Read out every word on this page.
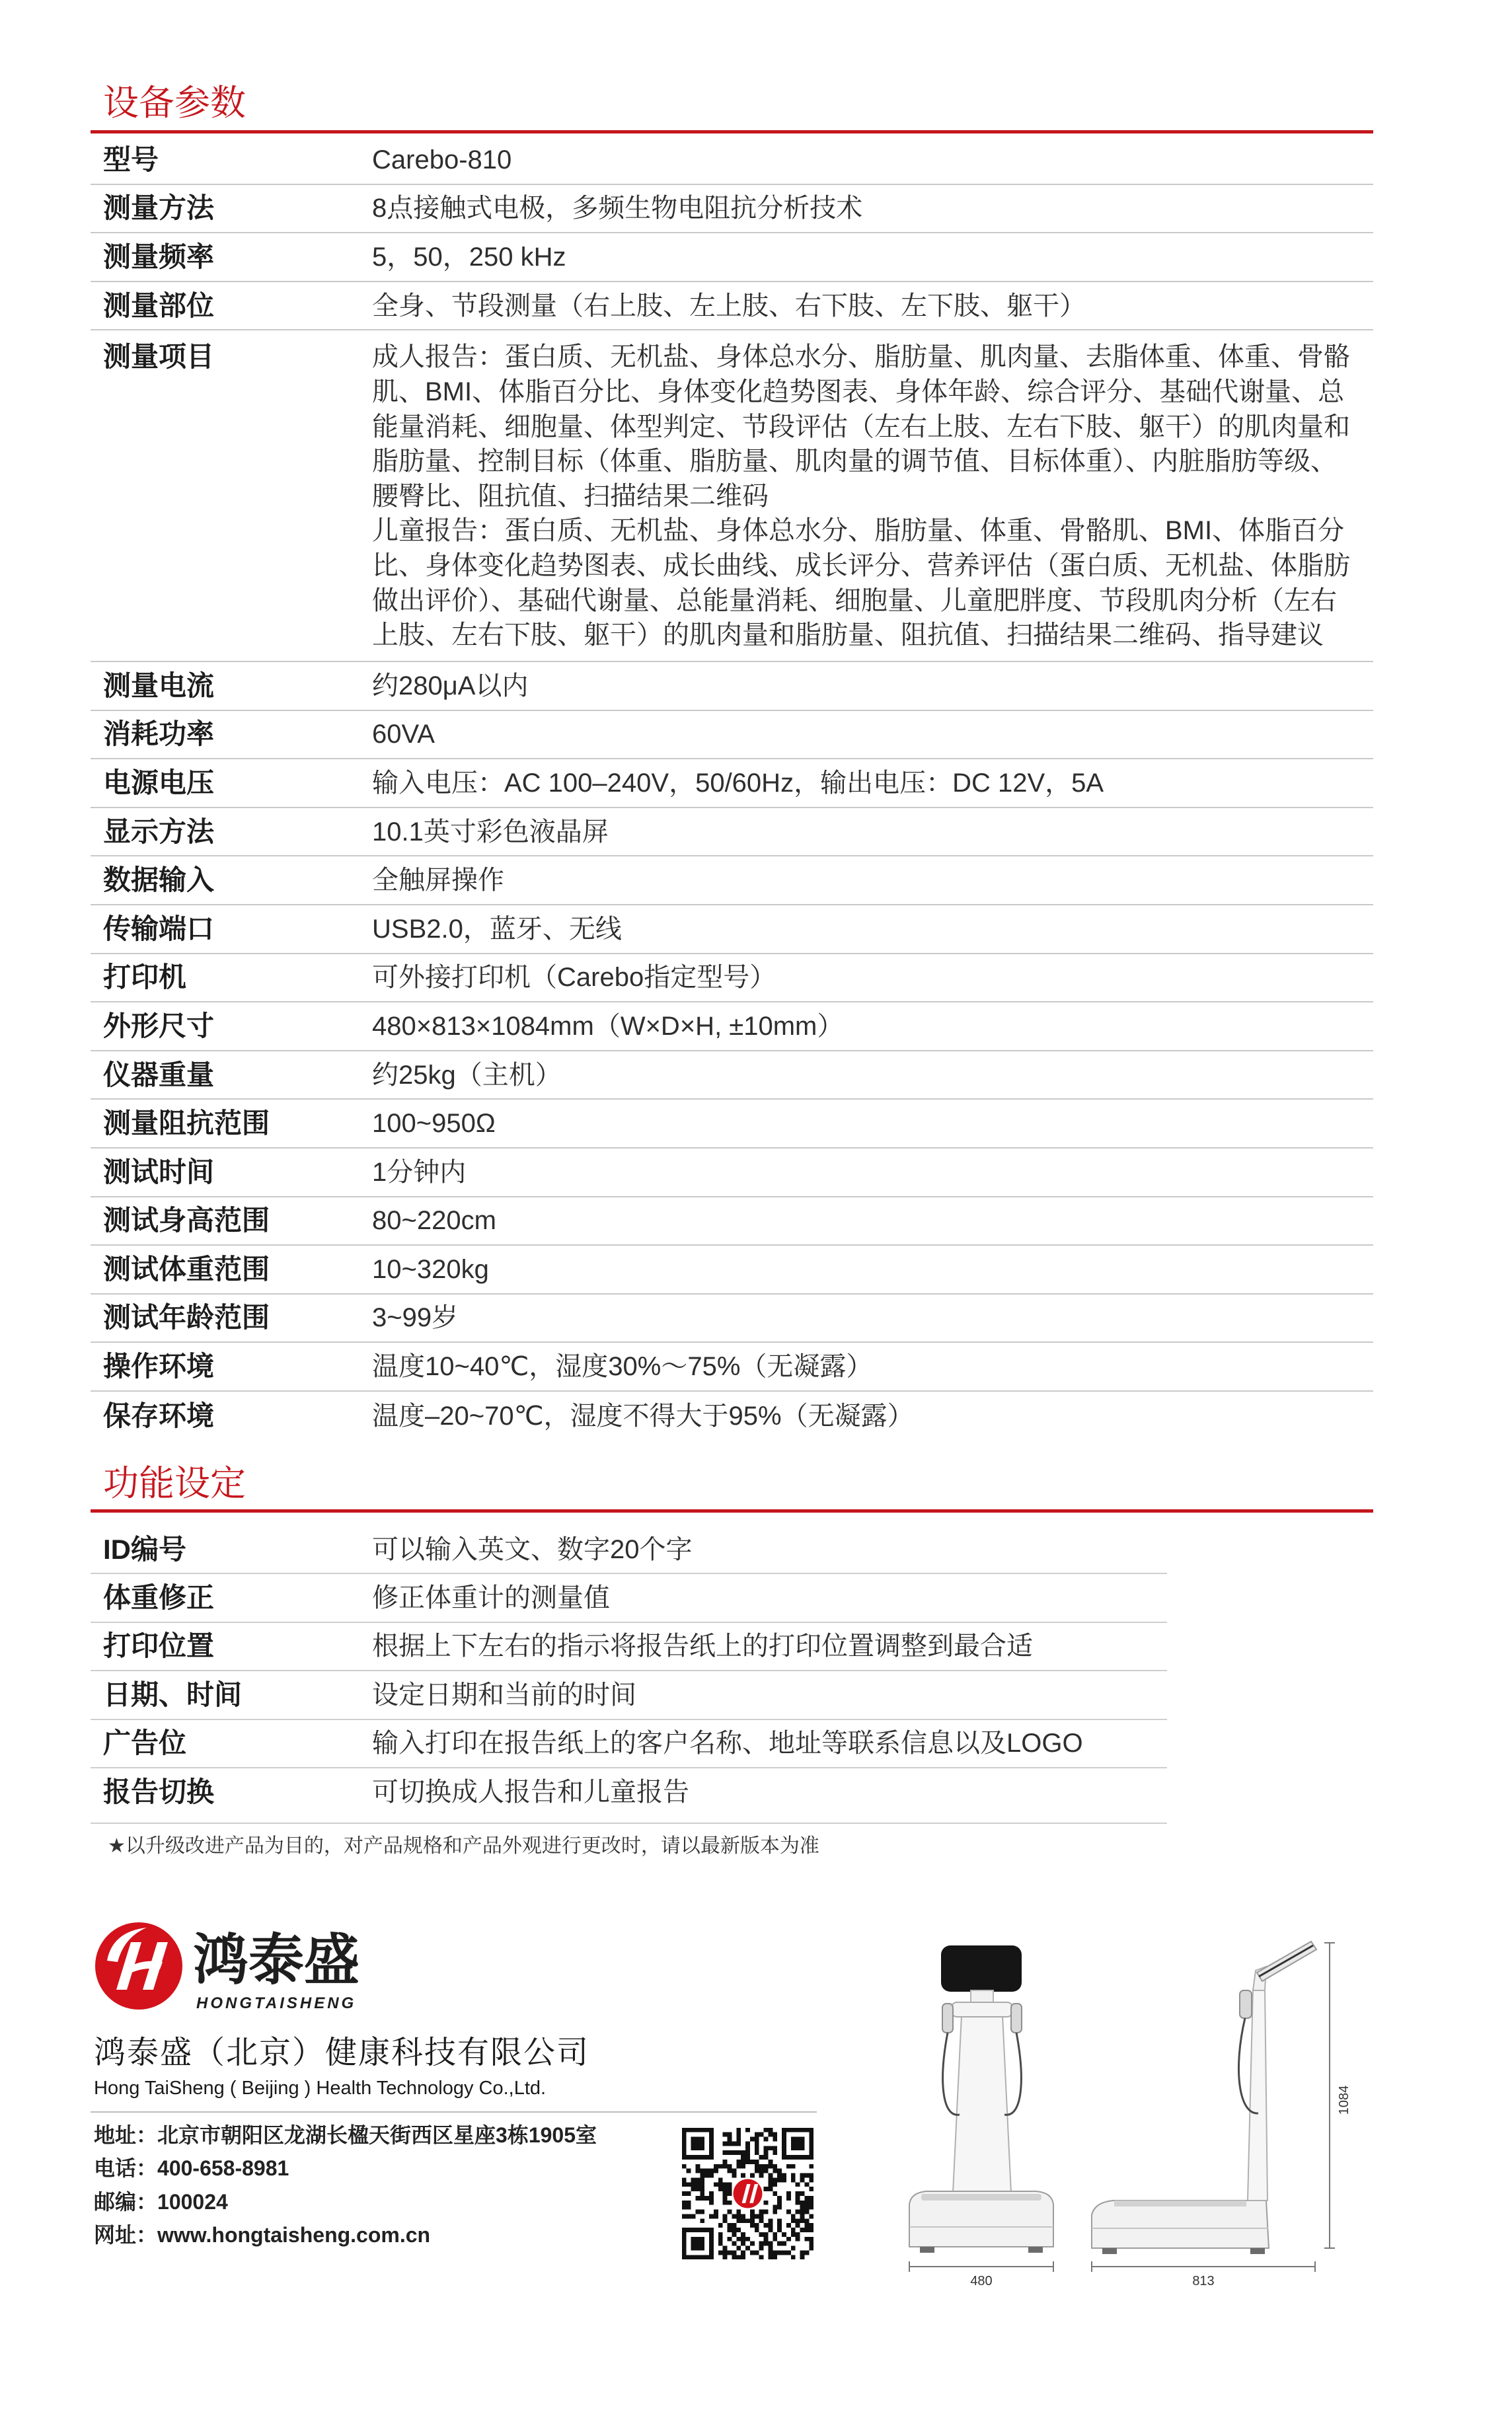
设备参数
型号	Carebo-810
测量方法	8点接触式电极，多频生物电阻抗分析技术
测量频率	5，50，250 kHz
测量部位	全身、节段测量（右上肢、左上肢、右下肢、左下肢、躯干）
测量项目	成人报告：蛋白质、无机盐、身体总水分、脂肪量、肌肉量、去脂体重、体重、骨骼
肌、BMI、体脂百分比、身体变化趋势图表、身体年龄、综合评分、基础代谢量、总
能量消耗、细胞量、体型判定、节段评估（左右上肢、左右下肢、躯干）的肌肉量和
脂肪量、控制目标（体重、脂肪量、肌肉量的调节值、目标体重）、内脏脂肪等级、
腰臀比、阻抗值、扫描结果二维码
儿童报告：蛋白质、无机盐、身体总水分、脂肪量、体重、骨骼肌、BMI、体脂百分
比、身体变化趋势图表、成长曲线、成长评分、营养评估（蛋白质、无机盐、体脂肪
做出评价）、基础代谢量、总能量消耗、细胞量、儿童肥胖度、节段肌肉分析（左右
上肢、左右下肢、躯干）的肌肉量和脂肪量、阻抗值、扫描结果二维码、指导建议
测量电流	约280μA以内
消耗功率	60VA
电源电压	输入电压：AC 100–240V，50/60Hz，输出电压：DC 12V，5A
显示方法	10.1英寸彩色液晶屏
数据输入	全触屏操作
传输端口	USB2.0，蓝牙、无线
打印机	可外接打印机（Carebo指定型号）
外形尺寸	480×813×1084mm（W×D×H, ±10mm）
仪器重量	约25kg（主机）
测量阻抗范围	100~950Ω
测试时间	1分钟内
测试身高范围	80~220cm
测试体重范围	10~320kg
测试年龄范围	3~99岁
操作环境	温度10~40℃，湿度30%～75%（无凝露）
保存环境	温度–20~70℃，湿度不得大于95%（无凝露）
功能设定
ID编号	可以输入英文、数字20个字
体重修正	修正体重计的测量值
打印位置	根据上下左右的指示将报告纸上的打印位置调整到最合适
日期、时间	设定日期和当前的时间
广告位	输入打印在报告纸上的客户名称、地址等联系信息以及LOGO
报告切换	可切换成人报告和儿童报告
★以升级改进产品为目的，对产品规格和产品外观进行更改时，请以最新版本为准
鸿泰盛
HONGTAISHENG
鸿泰盛（北京）健康科技有限公司
Hong TaiSheng ( Beijing ) Health Technology Co.,Ltd.
地址：北京市朝阳区龙湖长楹天街西区星座3栋1905室
电话：400-658-8981
邮编：100024
网址：www.hongtaisheng.com.cn
480	813
1084
